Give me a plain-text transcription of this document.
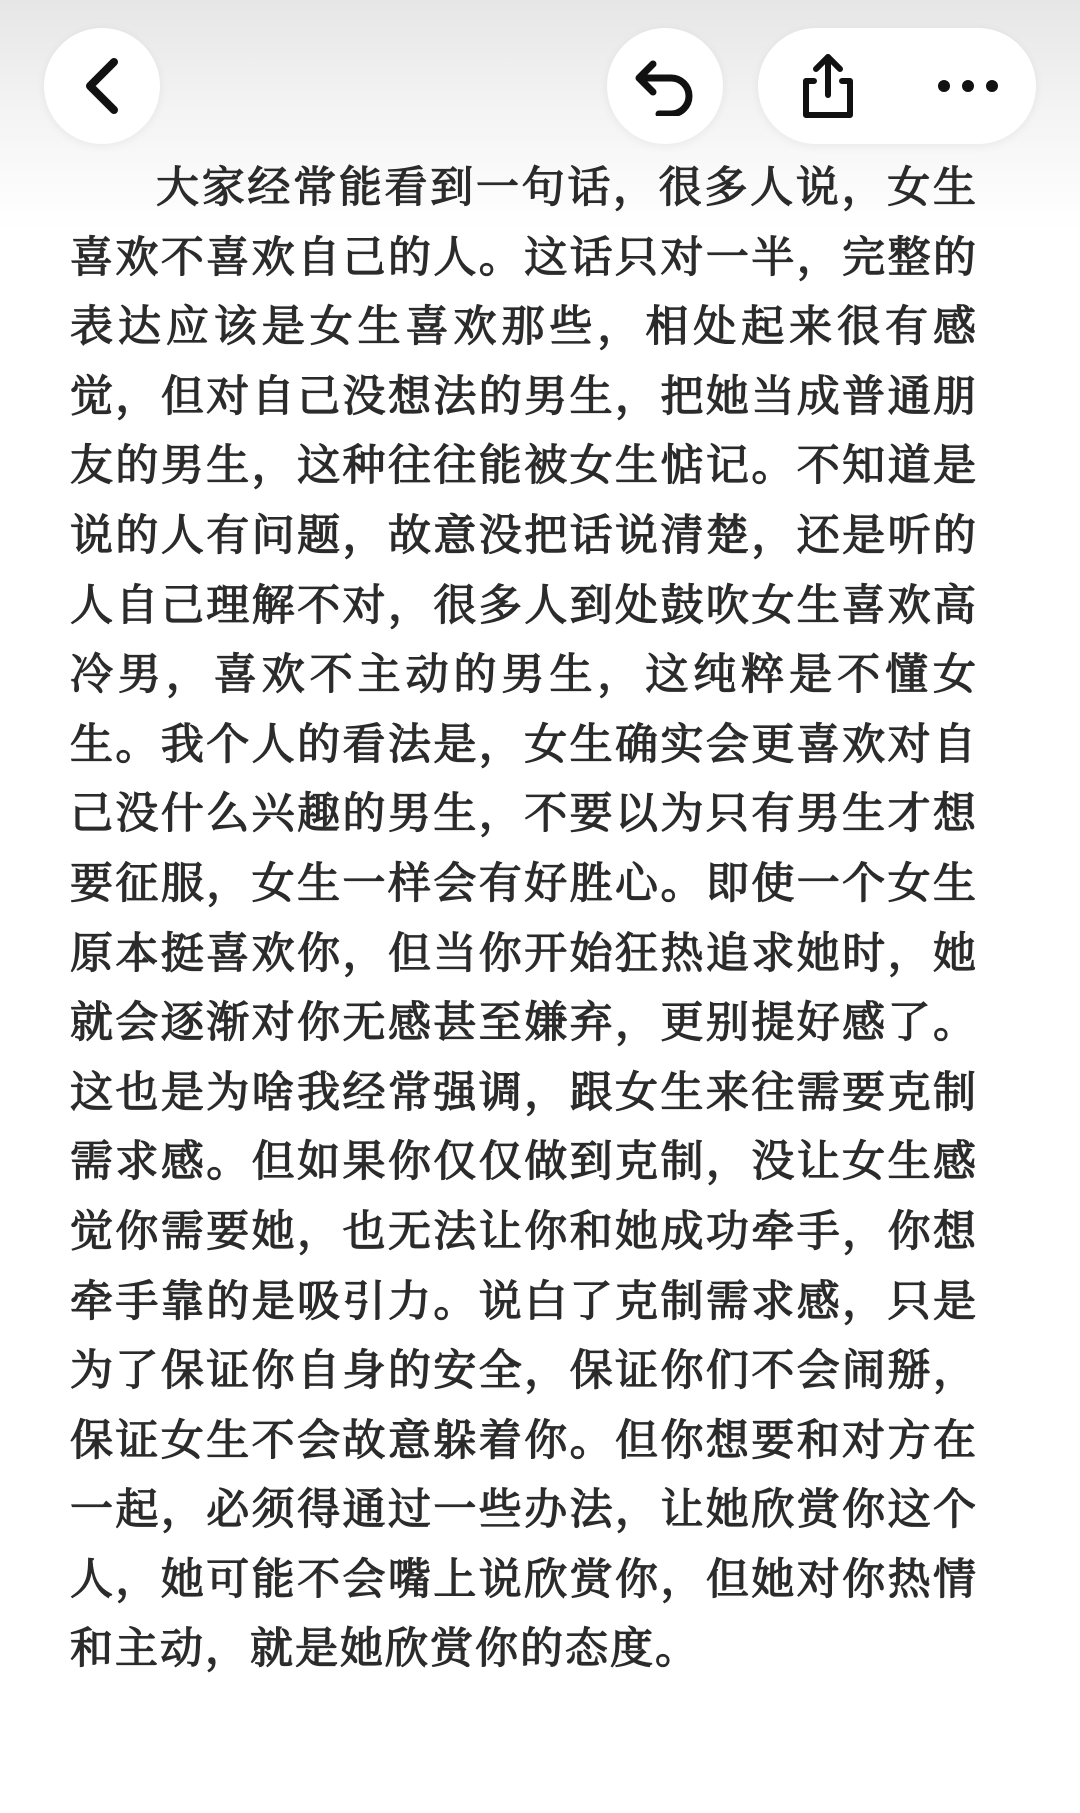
大家经常能看到一句话，很多人说，女生喜欢不喜欢自己的人。这话只对一半，完整的表达应该是女生喜欢那些，相处起来很有感觉，但对自己没想法的男生，把她当成普通朋友的男生，这种往往能被女生惦记。不知道是说的人有问题，故意没把话说清楚，还是听的人自己理解不对，很多人到处鼓吹女生喜欢高冷男，喜欢不主动的男生，这纯粹是不懂女生。我个人的看法是，女生确实会更喜欢对自己没什么兴趣的男生，不要以为只有男生才想要征服，女生一样会有好胜心。即使一个女生原本挺喜欢你，但当你开始狂热追求她时，她就会逐渐对你无感甚至嫌弃，更别提好感了。这也是为啥我经常强调，跟女生来往需要克制需求感。但如果你仅仅做到克制，没让女生感觉你需要她，也无法让你和她成功牵手，你想牵手靠的是吸引力。说白了克制需求感，只是为了保证你自身的安全，保证你们不会闹掰，保证女生不会故意躲着你。但你想要和对方在一起，必须得通过一些办法，让她欣赏你这个人，她可能不会嘴上说欣赏你，但她对你热情和主动，就是她欣赏你的态度。
